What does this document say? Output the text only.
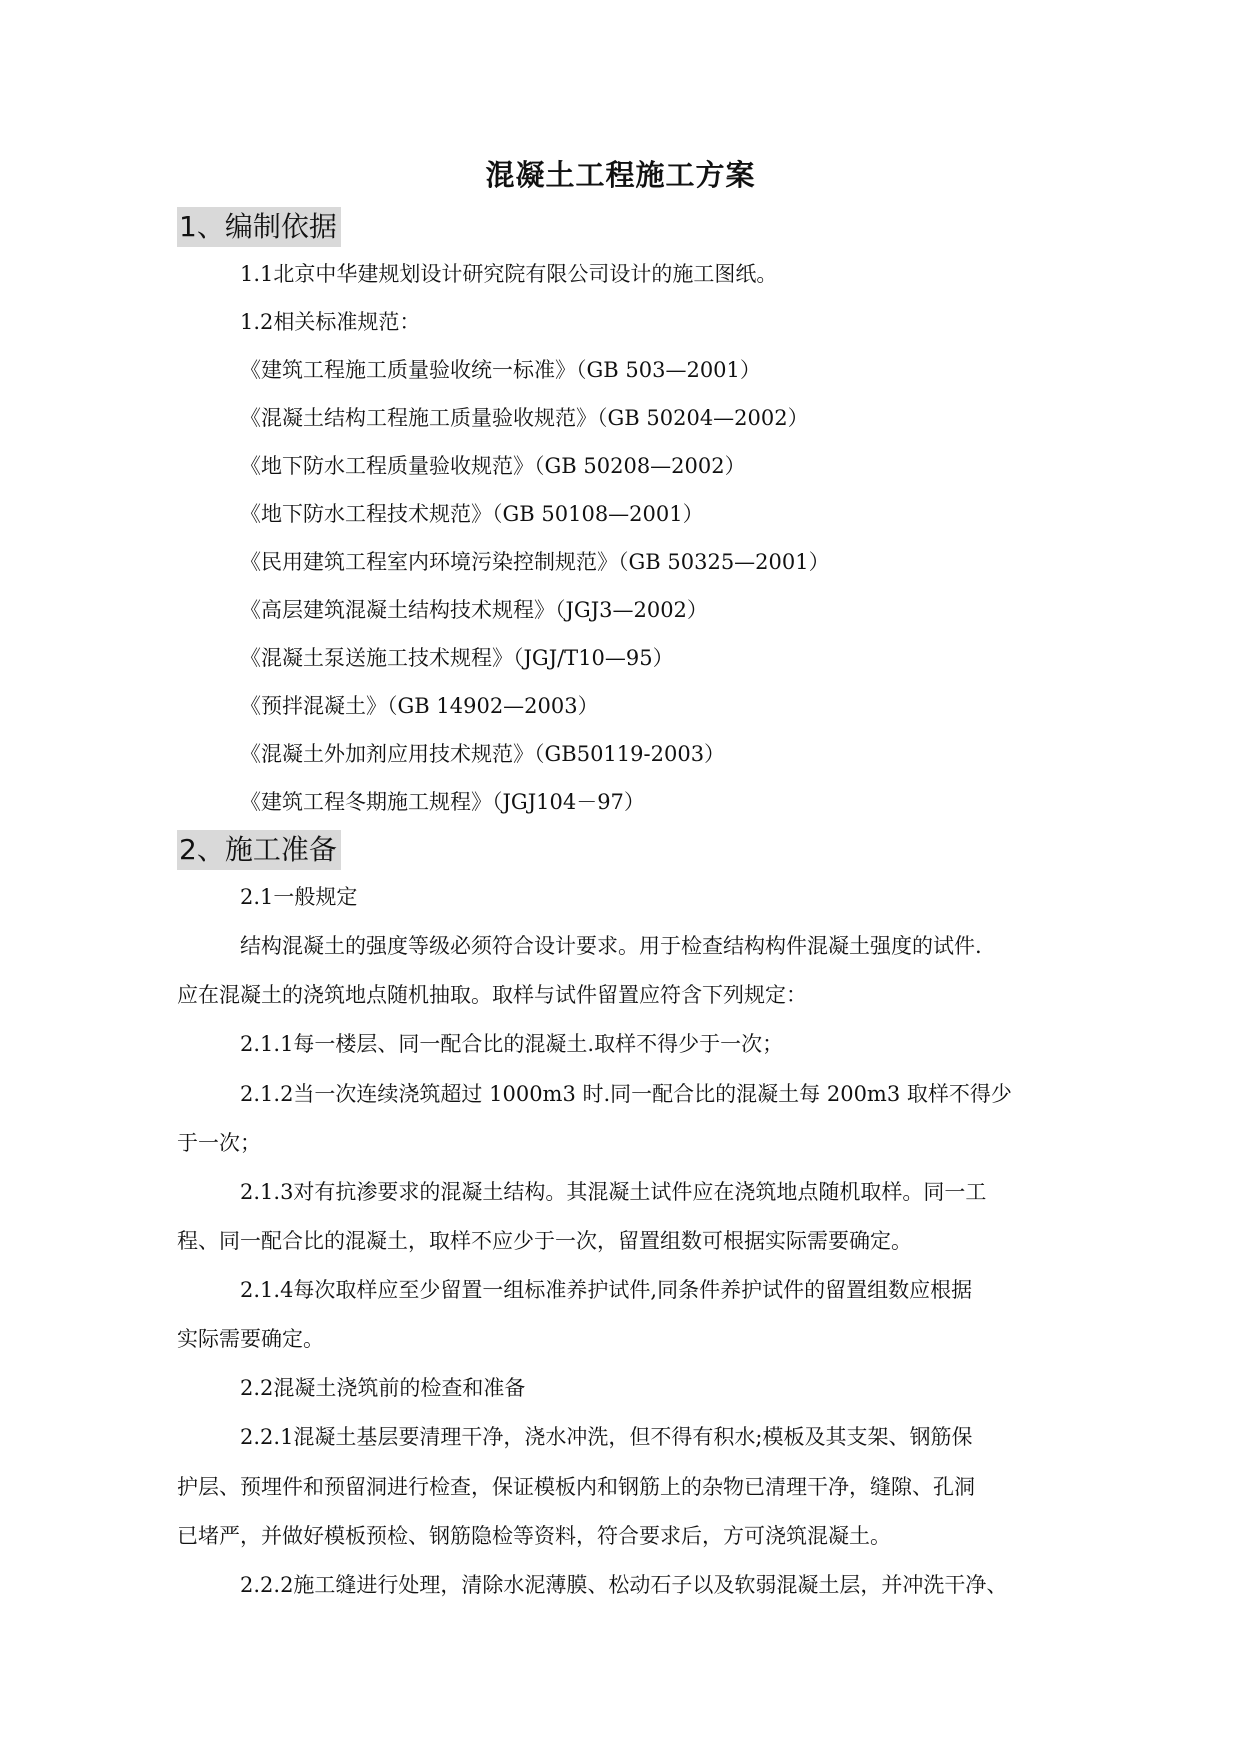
混凝土工程施工方案
1、编制依据
1.1北京中华建规划设计研究院有限公司设计的施工图纸。
1.2相关标准规范：
《建筑工程施工质量验收统一标准》（GB 503—2001）
《混凝土结构工程施工质量验收规范》（GB 50204—2002）
《地下防水工程质量验收规范》（GB 50208—2002）
《地下防水工程技术规范》（GB 50108—2001）
《民用建筑工程室内环境污染控制规范》（GB 50325—2001）
《高层建筑混凝土结构技术规程》（JGJ3—2002）
《混凝土泵送施工技术规程》（JGJ/T10—95）
《预拌混凝土》（GB 14902—2003）
《混凝土外加剂应用技术规范》（GB50119-2003）
《建筑工程冬期施工规程》（JGJ104－97）
2、施工准备
2.1一般规定
结构混凝土的强度等级必须符合设计要求。用于检查结构构件混凝土强度的试件.
应在混凝土的浇筑地点随机抽取。取样与试件留置应符含下列规定：
2.1.1每一楼层、同一配合比的混凝土.取样不得少于一次；
2.1.2当一次连续浇筑超过 1000m3 时.同一配合比的混凝土每 200m3 取样不得少
于一次；
2.1.3对有抗渗要求的混凝土结构。其混凝土试件应在浇筑地点随机取样。同一工
程、同一配合比的混凝土，取样不应少于一次，留置组数可根据实际需要确定。
2.1.4每次取样应至少留置一组标准养护试件,同条件养护试件的留置组数应根据
实际需要确定。
2.2混凝土浇筑前的检查和准备
2.2.1混凝土基层要清理干净，浇水冲洗，但不得有积水;模板及其支架、钢筋保
护层、预埋件和预留洞进行检查，保证模板内和钢筋上的杂物已清理干净，缝隙、孔洞
已堵严，并做好模板预检、钢筋隐检等资料，符合要求后，方可浇筑混凝土。
2.2.2施工缝进行处理，清除水泥薄膜、松动石子以及软弱混凝土层，并冲洗干净、
